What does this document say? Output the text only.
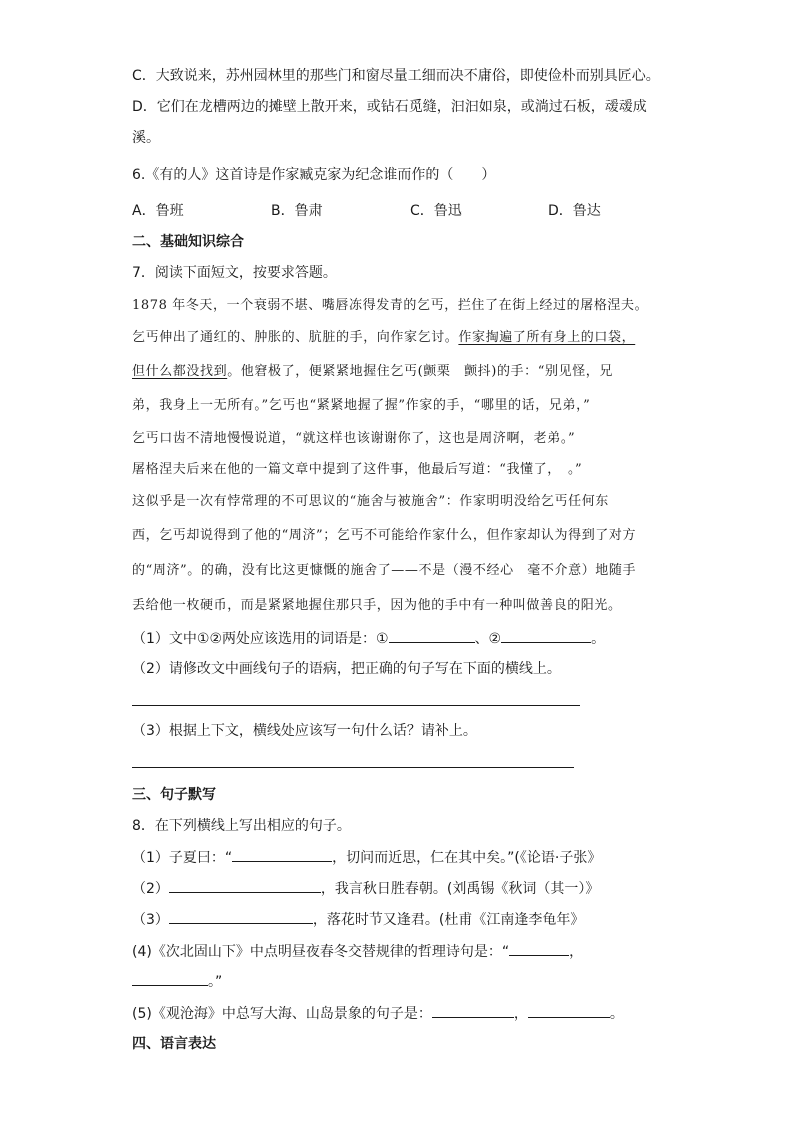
C．大致说来，苏州园林里的那些门和窗尽量工细而决不庸俗，即使俭朴而别具匠心。
D．它们在龙槽两边的摊壁上散开来，或钻石觅缝，汩汩如泉，或淌过石板，叆叆成
溪。
6.《有的人》这首诗是作家臧克家为纪念谁而作的（　　）
A．鲁班	B．鲁肃	C．鲁迅	D．鲁达
二、基础知识综合
7．阅读下面短文，按要求答题。
1878 年冬天，一个衰弱不堪、嘴唇冻得发青的乞丐，拦住了在街上经过的屠格涅夫。
乞丐伸出了通红的、肿胀的、肮脏的手，向作家乞讨。作家掏遍了所有身上的口袋，
但什么都没找到。他窘极了，便紧紧地握住乞丐(颤栗　颤抖)的手：“别见怪，兄
弟，我身上一无所有。”乞丐也“紧紧地握了握”作家的手，“哪里的话，兄弟，”
乞丐口齿不清地慢慢说道，“就这样也该谢谢你了，这也是周济啊，老弟。”
屠格涅夫后来在他的一篇文章中提到了这件事，他最后写道：“我懂了，　。”
这似乎是一次有悖常理的不可思议的“施舍与被施舍”：作家明明没给乞丐任何东
西，乞丐却说得到了他的“周济”；乞丐不可能给作家什么，但作家却认为得到了对方
的“周济”。的确，没有比这更慷慨的施舍了——不是（漫不经心　毫不介意）地随手
丢给他一枚硬币，而是紧紧地握住那只手，因为他的手中有一种叫做善良的阳光。
（1）文中①②两处应该选用的词语是：①	、②	。
（2）请修改文中画线句子的语病，把正确的句子写在下面的横线上。
（3）根据上下文，横线处应该写一句什么话？请补上。
三、句子默写
8．在下列横线上写出相应的句子。
（1）子夏曰：“	，切问而近思，仁在其中矣。”(《论语·子张》
（2）	，我言秋日胜春朝。(刘禹锡《秋词（其一）》
（3）	，落花时节又逢君。(杜甫《江南逢李龟年》
(4)《次北固山下》中点明昼夜春冬交替规律的哲理诗句是：“	，
。”
(5)《观沧海》中总写大海、山岛景象的句子是：	，	。
四、语言表达
